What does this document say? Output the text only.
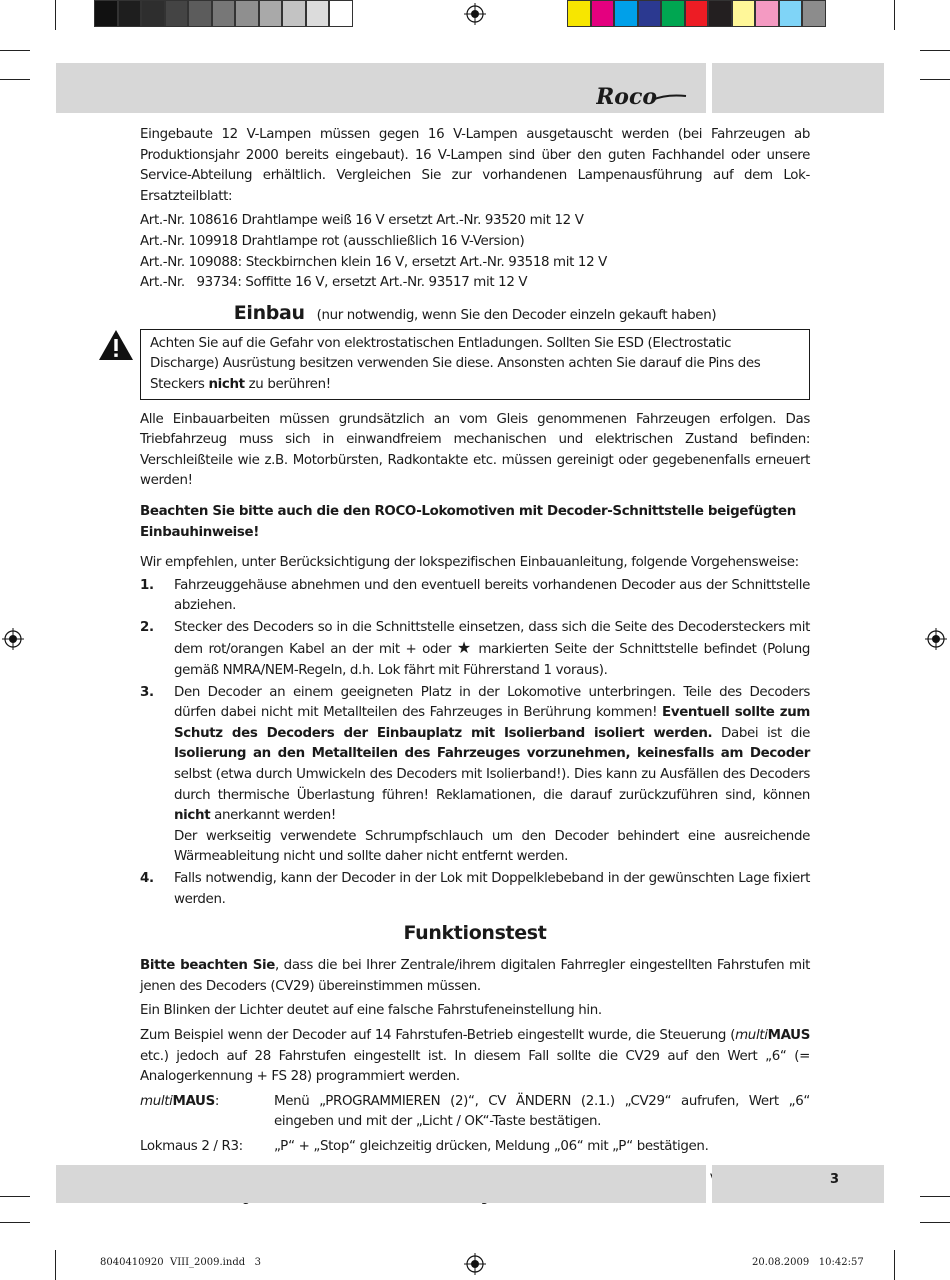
Roco

Eingebaute 12 V-Lampen müssen gegen 16 V-Lampen ausgetauscht werden (bei Fahrzeugen ab Produktionsjahr 2000 bereits eingebaut). 16 V-Lampen sind über den guten Fachhandel oder unsere Service-Abteilung erhältlich. Vergleichen Sie zur vorhandenen Lampenausführung auf dem Lok-Ersatzteilblatt:

Art.-Nr. 108616 Drahtlampe weiß 16 V ersetzt Art.-Nr. 93520 mit 12 V

Art.-Nr. 109918 Drahtlampe rot (ausschließlich 16 V-Version)

Art.-Nr. 109088: Steckbirnchen klein 16 V, ersetzt Art.-Nr. 93518 mit 12 V

Art.-Nr.   93734: Soffitte 16 V, ersetzt Art.-Nr. 93517 mit 12 V

Einbau (nur notwendig, wenn Sie den Decoder einzeln gekauft haben)
Achten Sie auf die Gefahr von elektrostatischen Entladungen. Sollten Sie ESD (Electrostatic Discharge) Ausrüstung besitzen verwenden Sie diese. Ansonsten achten Sie darauf die Pins des Steckers nicht zu berühren!

Alle Einbauarbeiten müssen grundsätzlich an vom Gleis genommenen Fahrzeugen erfolgen. Das Triebfahrzeug muss sich in einwandfreiem mechanischen und elektrischen Zustand befinden: Verschleißteile wie z.B. Motorbürsten, Radkontakte etc. müssen gereinigt oder gegebenenfalls erneuert werden!

Beachten Sie bitte auch die den ROCO-Lokomotiven mit Decoder-Schnittstelle beigefügten Einbauhinweise!

Wir empfehlen, unter Berücksichtigung der lokspezifischen Einbauanleitung, folgende Vorgehensweise:

1. Fahrzeuggehäuse abnehmen und den eventuell bereits vorhandenen Decoder aus der Schnittstelle abziehen.
2. Stecker des Decoders so in die Schnittstelle einsetzen, dass sich die Seite des Decodersteckers mit dem rot/orangen Kabel an der mit + oder ★ markierten Seite der Schnittstelle befindet (Polung gemäß NMRA/NEM-Regeln, d.h. Lok fährt mit Führerstand 1 voraus).
3. Den Decoder an einem geeigneten Platz in der Lokomotive unterbringen. Teile des Decoders dürfen dabei nicht mit Metallteilen des Fahrzeuges in Berührung kommen! Eventuell sollte zum Schutz des Decoders der Einbauplatz mit Isolierband isoliert werden. Dabei ist die Isolierung an den Metallteilen des Fahrzeuges vorzunehmen, keinesfalls am Decoder selbst (etwa durch Umwickeln des Decoders mit Isolierband!). Dies kann zu Ausfällen des Decoders durch thermische Überlastung führen! Reklamationen, die darauf zurückzuführen sind, können nicht anerkannt werden!

Der werkseitig verwendete Schrumpfschlauch um den Decoder behindert eine ausreichende Wärmeableitung nicht und sollte daher nicht entfernt werden.

4. Falls notwendig, kann der Decoder in der Lok mit Doppelklebeband in der gewünschten Lage fixiert werden.
Funktionstest

Bitte beachten Sie, dass die bei Ihrer Zentrale/ihrem digitalen Fahrregler eingestellten Fahrstufen mit jenen des Decoders (CV29) übereinstimmen müssen.

Ein Blinken der Lichter deutet auf eine falsche Fahrstufeneinstellung hin.

Zum Beispiel wenn der Decoder auf 14 Fahrstufen-Betrieb eingestellt wurde, die Steuerung (multiMAUS etc.) jedoch auf 28 Fahrstufen eingestellt ist. In diesem Fall sollte die CV29 auf den Wert „6“ (= Analogerkennung + FS 28) programmiert werden.

multiMAUS:	Menü „PROGRAMMIEREN (2)“, CV ÄNDERN (2.1.) „CV29“ aufrufen, Wert „6“ eingeben und mit der „Licht / OK“-Taste bestätigen.
Lokmaus 2 / R3:	„P“ + „Stop“ gleichzeitig drücken, Meldung „06“ mit „P“ bestätigen.

3
8040410920  VIII_2009.indd   3	20.08.2009   10:42:57
